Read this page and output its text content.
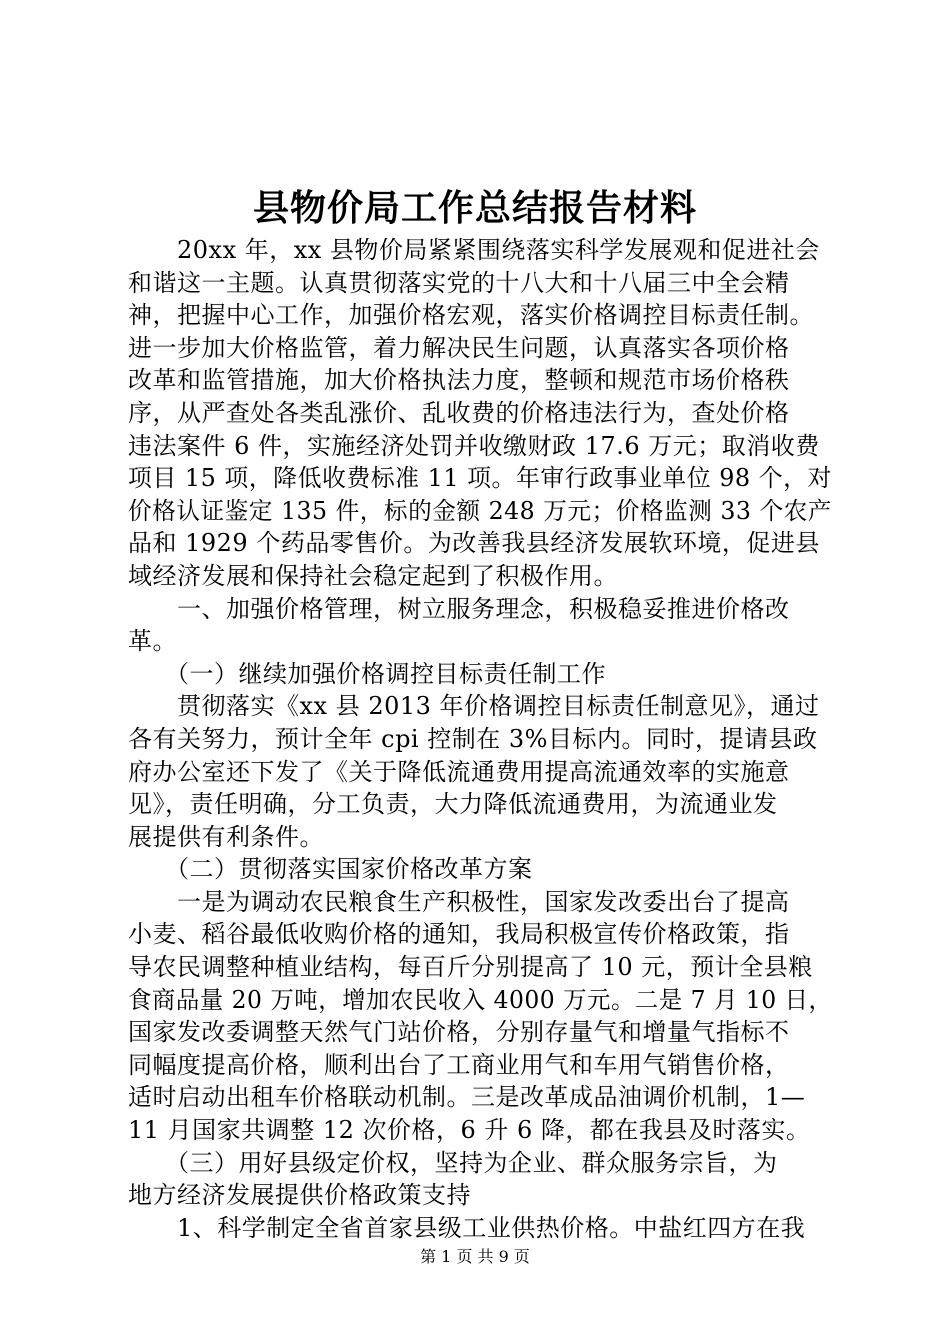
县物价局工作总结报告材料
　　20xx 年，xx 县物价局紧紧围绕落实科学发展观和促进社会
和谐这一主题。认真贯彻落实党的十八大和十八届三中全会精
神，把握中心工作，加强价格宏观，落实价格调控目标责任制。
进一步加大价格监管，着力解决民生问题，认真落实各项价格
改革和监管措施，加大价格执法力度，整顿和规范市场价格秩
序，从严查处各类乱涨价、乱收费的价格违法行为，查处价格
违法案件 6 件，实施经济处罚并收缴财政 17.6 万元；取消收费
项目 15 项，降低收费标准 11 项。年审行政事业单位 98 个，对
价格认证鉴定 135 件，标的金额 248 万元；价格监测 33 个农产
品和 1929 个药品零售价。为改善我县经济发展软环境，促进县
域经济发展和保持社会稳定起到了积极作用。
　　一、加强价格管理，树立服务理念，积极稳妥推进价格改
革。
　　（一）继续加强价格调控目标责任制工作
　　贯彻落实《xx 县 2013 年价格调控目标责任制意见》，通过
各有关努力，预计全年 cpi 控制在 3%目标内。同时，提请县政
府办公室还下发了《关于降低流通费用提高流通效率的实施意
见》，责任明确，分工负责，大力降低流通费用，为流通业发
展提供有利条件。
　　（二）贯彻落实国家价格改革方案
　　一是为调动农民粮食生产积极性，国家发改委出台了提高
小麦、稻谷最低收购价格的通知，我局积极宣传价格政策，指
导农民调整种植业结构，每百斤分别提高了 10 元，预计全县粮
食商品量 20 万吨，增加农民收入 4000 万元。二是 7 月 10 日，
国家发改委调整天然气门站价格，分别存量气和增量气指标不
同幅度提高价格，顺利出台了工商业用气和车用气销售价格，
适时启动出租车价格联动机制。三是改革成品油调价机制，1—
11 月国家共调整 12 次价格，6 升 6 降，都在我县及时落实。
　　（三）用好县级定价权，坚持为企业、群众服务宗旨，为
地方经济发展提供价格政策支持
　　1、科学制定全省首家县级工业供热价格。中盐红四方在我
第 1 页 共 9 页
